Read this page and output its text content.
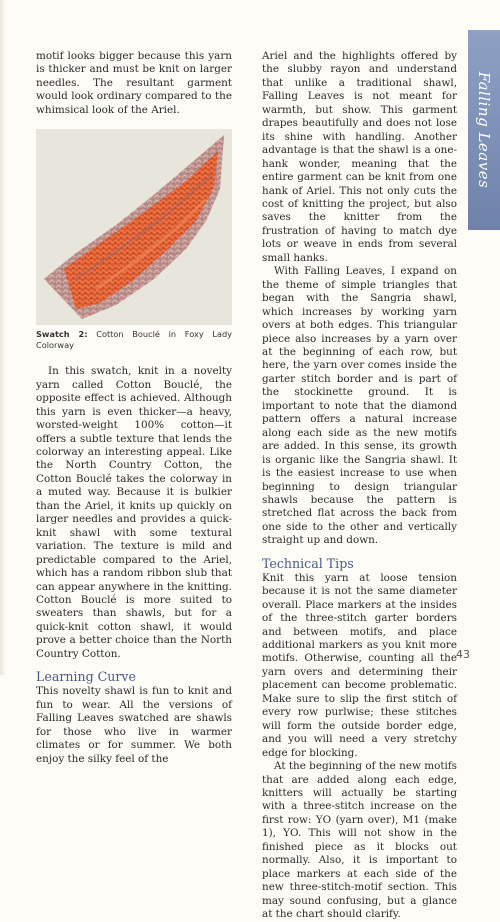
Falling Leaves

motif looks bigger because this yarn is thicker and must be knit on larger needles. The resultant garment would look ordinary compared to the whimsical look of the Ariel.

Swatch 2: Cotton Bouclé in Foxy Lady Colorway

In this swatch, knit in a novelty yarn called Cotton Bouclé, the opposite effect is achieved. Although this yarn is even thicker—a heavy, worsted-weight 100% cotton—it offers a subtle texture that lends the colorway an interesting appeal. Like the North Country Cotton, the Cotton Bouclé takes the colorway in a muted way. Because it is bulkier than the Ariel, it knits up quickly on larger needles and provides a quick-knit shawl with some textural variation. The texture is mild and predictable compared to the Ariel, which has a random ribbon slub that can appear anywhere in the knitting. Cotton Bouclé is more suited to sweaters than shawls, but for a quick-knit cotton shawl, it would prove a better choice than the North Country Cotton.

Learning Curve

This novelty shawl is fun to knit and fun to wear. All the versions of Falling Leaves swatched are shawls for those who live in warmer climates or for summer. We both enjoy the silky feel of the

Ariel and the highlights offered by the slubby rayon and understand that unlike a traditional shawl, Falling Leaves is not meant for warmth, but show. This garment drapes beautifully and does not lose its shine with handling. Another advantage is that the shawl is a one-hank wonder, meaning that the entire garment can be knit from one hank of Ariel. This not only cuts the cost of knitting the project, but also saves the knitter from the frustration of having to match dye lots or weave in ends from several small hanks.

With Falling Leaves, I expand on the theme of simple triangles that began with the Sangria shawl, which increases by working yarn overs at both edges. This triangular piece also increases by a yarn over at the beginning of each row, but here, the yarn over comes inside the garter stitch border and is part of the stockinette ground. It is important to note that the diamond pattern offers a natural increase along each side as the new motifs are added. In this sense, its growth is organic like the Sangria shawl. It is the easiest increase to use when beginning to design triangular shawls because the pattern is stretched flat across the back from one side to the other and vertically straight up and down.

Technical Tips

Knit this yarn at loose tension because it is not the same diameter overall. Place markers at the insides of the three-stitch garter borders and between motifs, and place additional markers as you knit more motifs. Otherwise, counting all the yarn overs and determining their placement can become problematic. Make sure to slip the first stitch of every row purlwise; these stitches will form the outside border edge, and you will need a very stretchy edge for blocking.

At the beginning of the new motifs that are added along each edge, knitters will actually be starting with a three-stitch increase on the first row: YO (yarn over), M1 (make 1), YO. This will not show in the finished piece as it blocks out normally. Also, it is important to place markers at each side of the new three-stitch-motif section. This may sound confusing, but a glance at the chart should clarify.

43
